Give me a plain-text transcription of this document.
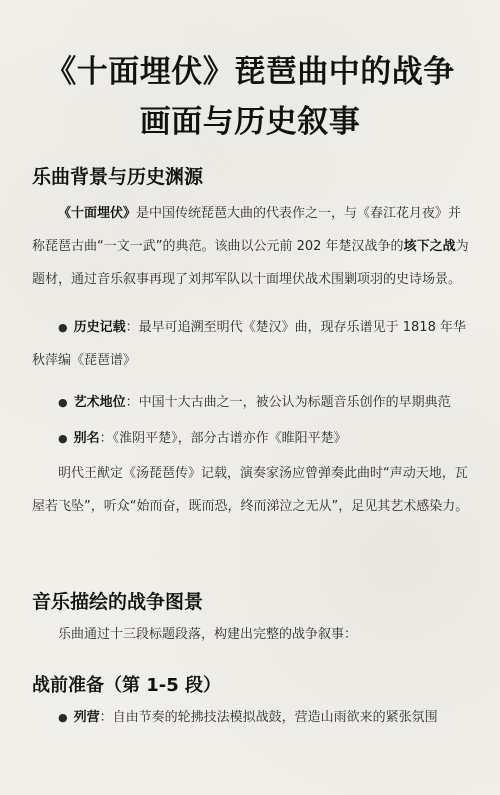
《十面埋伏》琵琶曲中的战争
画面与历史叙事
乐曲背景与历史渊源

《十面埋伏》是中国传统琵琶大曲的代表作之一，与《春江花月夜》并称琵琶古曲“一文一武”的典范。该曲以公元前 202 年楚汉战争的垓下之战为题材，通过音乐叙事再现了刘邦军队以十面埋伏战术围剿项羽的史诗场景。

● 历史记载：最早可追溯至明代《楚汉》曲，现存乐谱见于 1818 年华秋萍编《琵琶谱》

● 艺术地位：中国十大古曲之一，被公认为标题音乐创作的早期典范

● 别名：《淮阴平楚》，部分古谱亦作《睢阳平楚》

明代王猷定《汤琵琶传》记载，演奏家汤应曾弹奏此曲时“声动天地，瓦屋若飞坠”，听众“始而奋，既而恐，终而涕泣之无从”，足见其艺术感染力。

音乐描绘的战争图景

乐曲通过十三段标题段落，构建出完整的战争叙事：

战前准备（第 1-5 段）

● 列营：自由节奏的轮拂技法模拟战鼓，营造山雨欲来的紧张氛围
